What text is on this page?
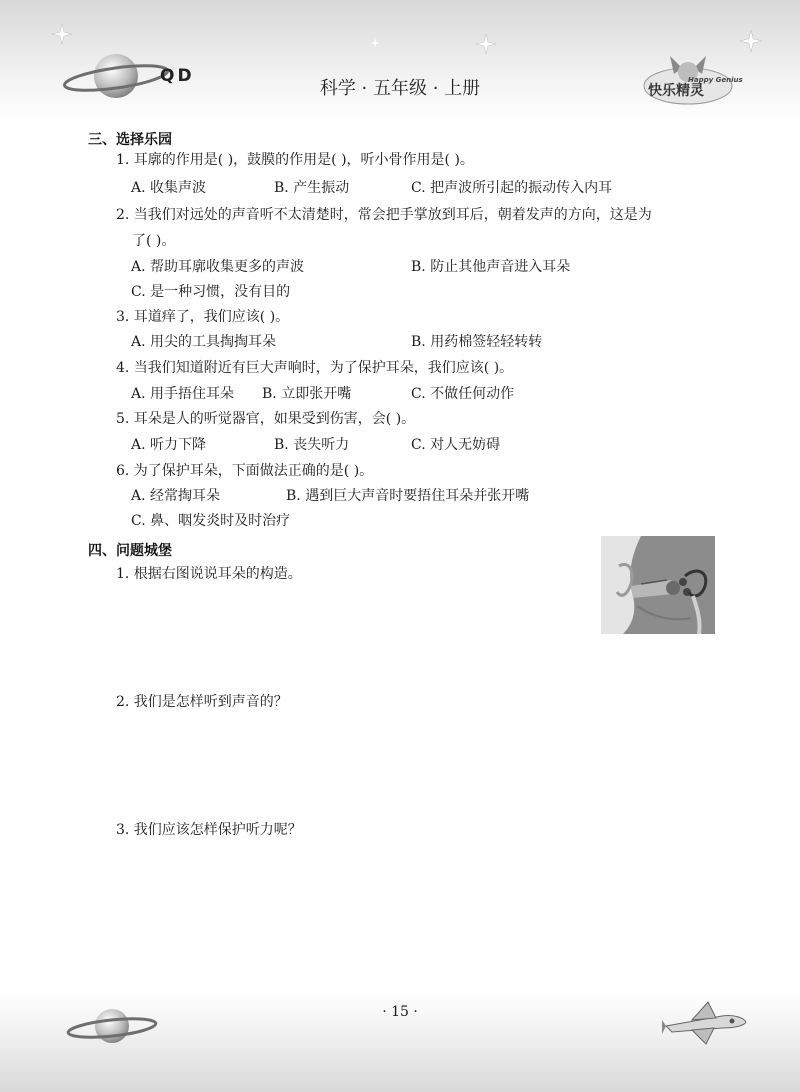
QD
科学 · 五年级 · 上册	快乐精灵
Happy Genius
三、选择乐园
1. 耳廓的作用是( )，鼓膜的作用是( )，听小骨作用是( )。
A. 收集声波	B. 产生振动	C. 把声波所引起的振动传入内耳
2. 当我们对远处的声音听不太清楚时，常会把手掌放到耳后，朝着发声的方向，这是为
了( )。
A. 帮助耳廓收集更多的声波	B. 防止其他声音进入耳朵
C. 是一种习惯，没有目的
3. 耳道痒了，我们应该( )。
A. 用尖的工具掏掏耳朵	B. 用药棉签轻轻转转
4. 当我们知道附近有巨大声响时，为了保护耳朵，我们应该( )。
A. 用手捂住耳朵 B. 立即张开嘴	C. 不做任何动作
5. 耳朵是人的听觉器官，如果受到伤害，会( )。
A. 听力下降	B. 丧失听力	C. 对人无妨碍
6. 为了保护耳朵，下面做法正确的是( )。
A. 经常掏耳朵	B. 遇到巨大声音时要捂住耳朵并张开嘴
C. 鼻、咽发炎时及时治疗
四、问题城堡
1. 根据右图说说耳朵的构造。
2. 我们是怎样听到声音的？
3. 我们应该怎样保护听力呢？
· 15 ·
